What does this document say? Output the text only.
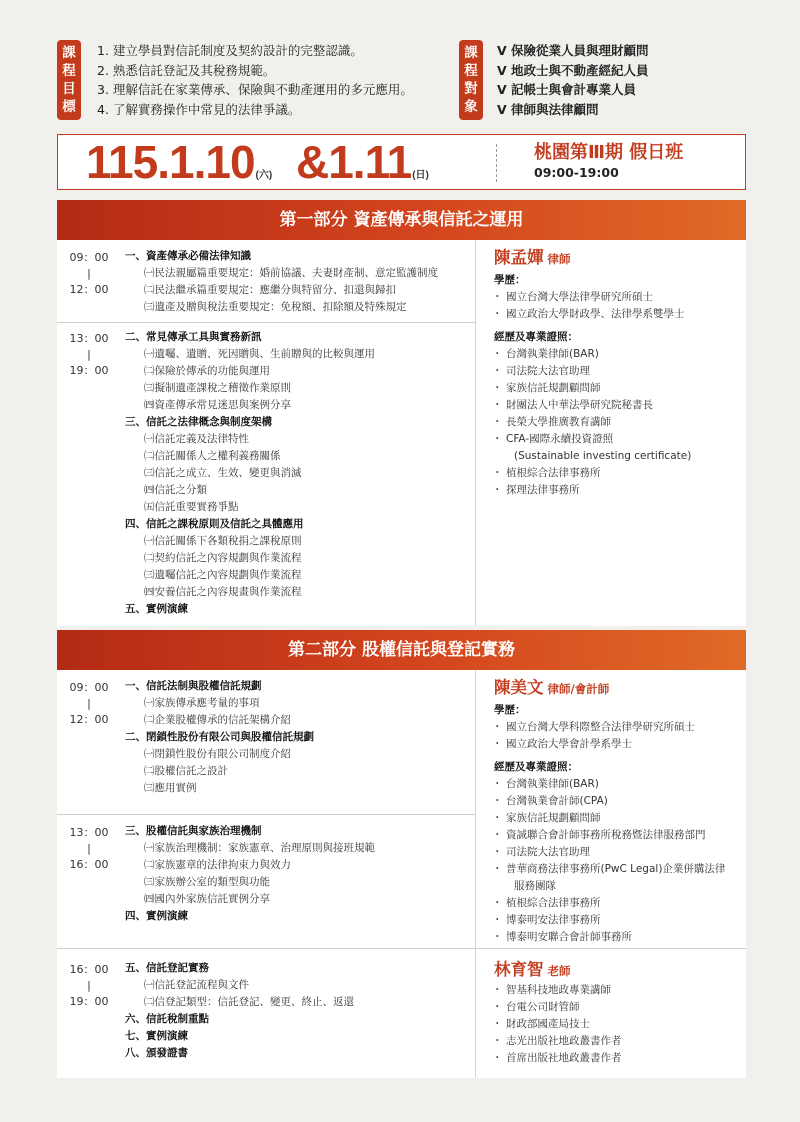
課
程
目
標
1. 建立學員對信託制度及契約設計的完整認識。
2. 熟悉信託登記及其稅務規範。
3. 理解信託在家業傳承、保險與不動產運用的多元應用。
4. 了解實務操作中常見的法律爭議。
課
程
對
象
V 保險從業人員與理財顧問
V 地政士與不動產經紀人員
V 記帳士與會計專業人員
V 律師與法律顧問
115.1.10(六) &1.11(日)
桃園第Ⅲ期 假日班
09:00-19:00
第一部分 資產傳承與信託之運用
09：00
|
12：00
一、資產傳承必備法律知識
㈠民法親屬篇重要規定：婚前協議、夫妻財產制、意定監護制度
㈡民法繼承篇重要規定：應繼分與特留分、扣還與歸扣
㈢遺產及贈與稅法重要規定：免稅額、扣除額及特殊規定
13：00
|
19：00
二、常見傳承工具與實務新訊
㈠遺囑、遺贈、死因贈與、生前贈與的比較與運用
㈡保險於傳承的功能與運用
㈢擬制遺產課稅之稽徵作業原則
㈣資產傳承常見迷思與案例分享
三、信託之法律概念與制度架構
㈠信託定義及法律特性
㈡信託關係人之權利義務關係
㈢信託之成立、生效、變更與消滅
㈣信託之分類
㈤信託重要實務爭點
四、信託之課稅原則及信託之具體應用
㈠信託關係下各類稅捐之課稅原則
㈡契約信託之內容規劃與作業流程
㈢遺囑信託之內容規劃與作業流程
㈣安養信託之內容規畫與作業流程
五、實例演練
陳孟嬋 律師
學歷：
・ 國立台灣大學法律學研究所碩士
・ 國立政治大學財政學、法律學系雙學士
經歷及專業證照：
・ 台灣執業律師(BAR)
・ 司法院大法官助理
・ 家族信託規劃顧問師
・ 財團法人中華法學研究院秘書長
・ 長榮大學推廣教育講師
・ CFA-國際永續投資證照
(Sustainable investing certificate)
・ 植根綜合法律事務所
・ 探理法律事務所
第二部分 股權信託與登記實務
09：00
|
12：00
一、信託法制與股權信託規劃
㈠家族傳承應考量的事項
㈡企業股權傳承的信託架構介紹
二、閉鎖性股份有限公司與股權信託規劃
㈠閉鎖性股份有限公司制度介紹
㈡股權信託之設計
㈢應用實例
13：00
|
16：00
三、股權信託與家族治理機制
㈠家族治理機制：家族憲章、治理原則與接班規範
㈡家族憲章的法律拘束力與效力
㈢家族辦公室的類型與功能
㈣國內外家族信託實例分享
四、實例演練
16：00
|
19：00
五、信託登記實務
㈠信託登記流程與文件
㈡信登記類型：信託登記、變更、終止、返還
六、信託稅制重點
七、實例演練
八、頒發證書
陳美文 律師/會計師
學歷：
・ 國立台灣大學科際整合法律學研究所碩士
・ 國立政治大學會計學系學士
經歷及專業證照：
・ 台灣執業律師(BAR)
・ 台灣執業會計師(CPA)
・ 家族信託規劃顧問師
・ 資誠聯合會計師事務所稅務暨法律服務部門
・ 司法院大法官助理
・ 普華商務法律事務所(PwC Legal)企業併購法律
服務團隊
・ 植根綜合法律事務所
・ 博泰明安法律事務所
・ 博泰明安聯合會計師事務所
林育智 老師
・ 智基科技地政專業講師
・ 台電公司財管師
・ 財政部國產局技士
・ 志光出版社地政叢書作者
・ 首席出版社地政叢書作者
